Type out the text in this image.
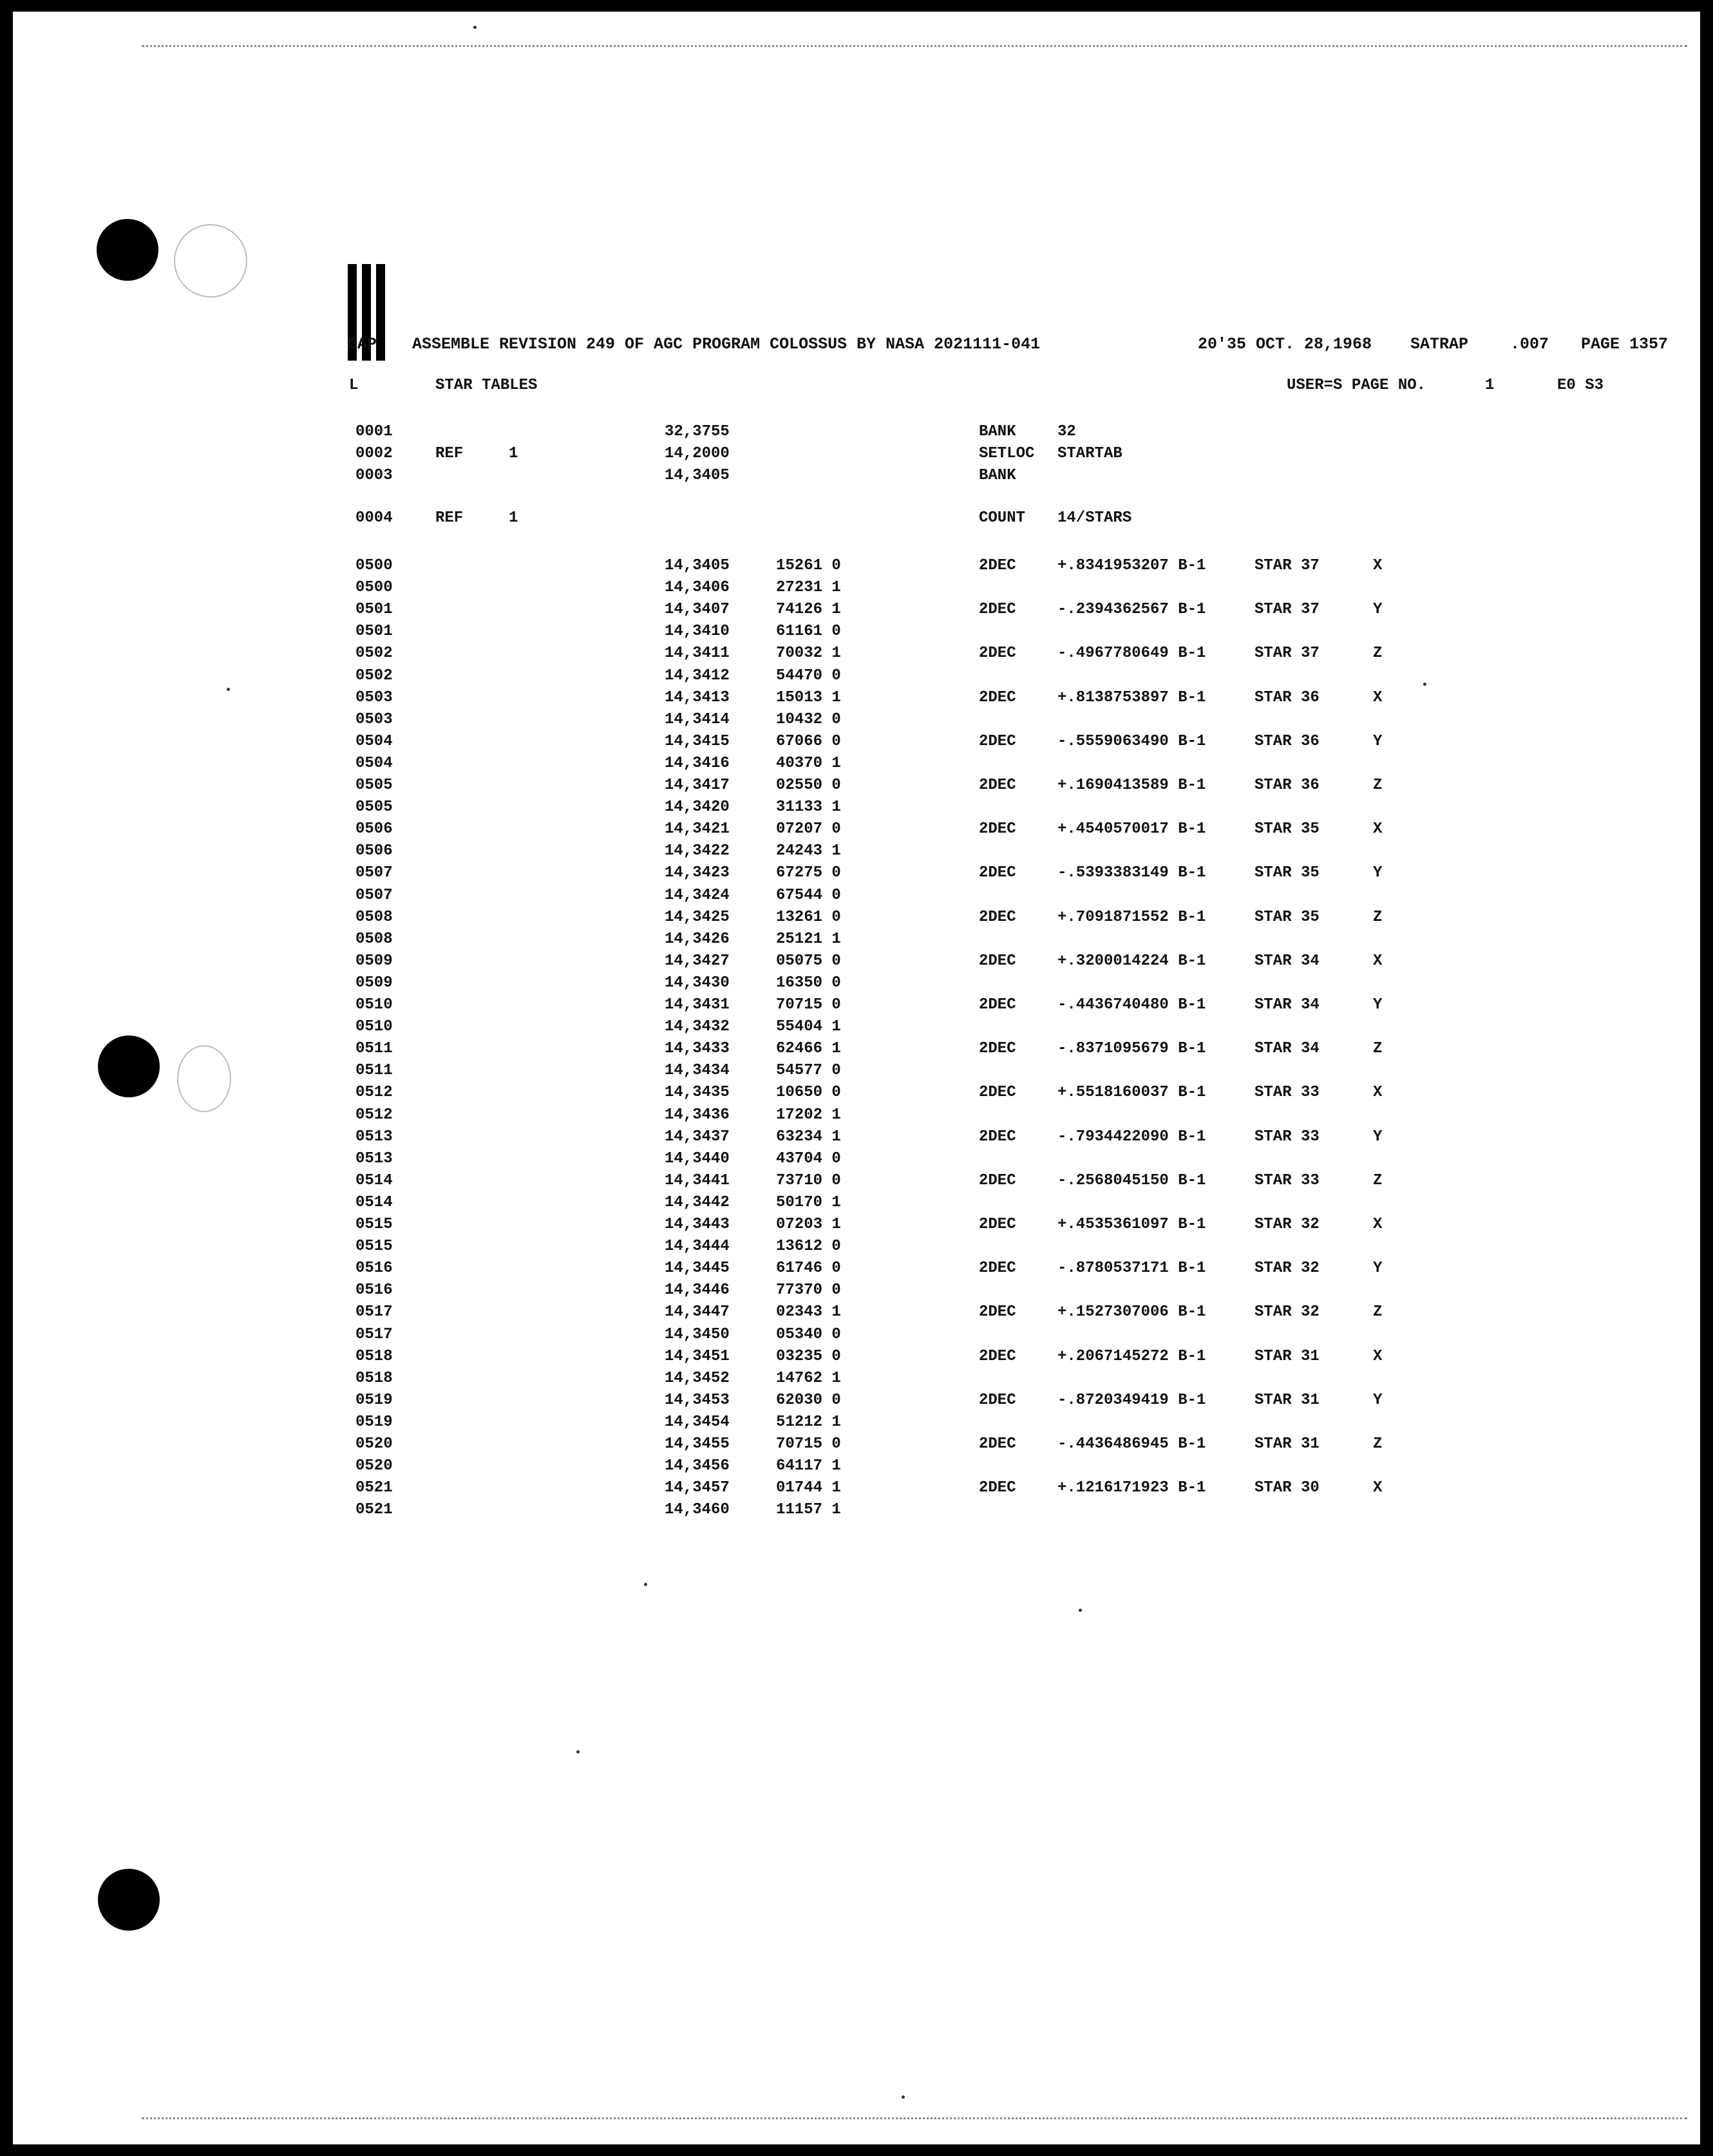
GAP ASSEMBLE REVISION 249 OF AGC PROGRAM COLOSSUS BY NASA 2021111-041	20'35 OCT. 28,1968 SATRAP	.007 PAGE 1357
L	STAR TABLES	USER=S PAGE NO.	1	E0 S3
0001	32,3755	BANK	32
0002	REF	1	14,2000	SETLOC STARTAB
0003	14,3405	BANK
0004	REF	1	COUNT 14/STARS
0500	14,3405	15261 0	2DEC	+.8341953207 B-1	STAR 37	X
0500	14,3406	27231 1
0501	14,3407	74126 1	2DEC	-.2394362567 B-1	STAR 37	Y
0501	14,3410	61161 0
0502	14,3411	70032 1	2DEC	-.4967780649 B-1	STAR 37	Z
0502	14,3412	54470 0
0503	14,3413	15013 1	2DEC	+.8138753897 B-1	STAR 36	X
0503	14,3414	10432 0
0504	14,3415	67066 0	2DEC	-.5559063490 B-1	STAR 36	Y
0504	14,3416	40370 1
0505	14,3417	02550 0	2DEC	+.1690413589 B-1	STAR 36	Z
0505	14,3420	31133 1
0506	14,3421	07207 0	2DEC	+.4540570017 B-1	STAR 35	X
0506	14,3422	24243 1
0507	14,3423	67275 0	2DEC	-.5393383149 B-1	STAR 35	Y
0507	14,3424	67544 0
0508	14,3425	13261 0	2DEC	+.7091871552 B-1	STAR 35	Z
0508	14,3426	25121 1
0509	14,3427	05075 0	2DEC	+.3200014224 B-1	STAR 34	X
0509	14,3430	16350 0
0510	14,3431	70715 0	2DEC	-.4436740480 B-1	STAR 34	Y
0510	14,3432	55404 1
0511	14,3433	62466 1	2DEC	-.8371095679 B-1	STAR 34	Z
0511	14,3434	54577 0
0512	14,3435	10650 0	2DEC	+.5518160037 B-1	STAR 33	X
0512	14,3436	17202 1
0513	14,3437	63234 1	2DEC	-.7934422090 B-1	STAR 33	Y
0513	14,3440	43704 0
0514	14,3441	73710 0	2DEC	-.2568045150 B-1	STAR 33	Z
0514	14,3442	50170 1
0515	14,3443	07203 1	2DEC	+.4535361097 B-1	STAR 32	X
0515	14,3444	13612 0
0516	14,3445	61746 0	2DEC	-.8780537171 B-1	STAR 32	Y
0516	14,3446	77370 0
0517	14,3447	02343 1	2DEC	+.1527307006 B-1	STAR 32	Z
0517	14,3450	05340 0
0518	14,3451	03235 0	2DEC	+.2067145272 B-1	STAR 31	X
0518	14,3452	14762 1
0519	14,3453	62030 0	2DEC	-.8720349419 B-1	STAR 31	Y
0519	14,3454	51212 1
0520	14,3455	70715 0	2DEC	-.4436486945 B-1	STAR 31	Z
0520	14,3456	64117 1
0521	14,3457	01744 1	2DEC	+.1216171923 B-1	STAR 30	X
0521	14,3460	11157 1
